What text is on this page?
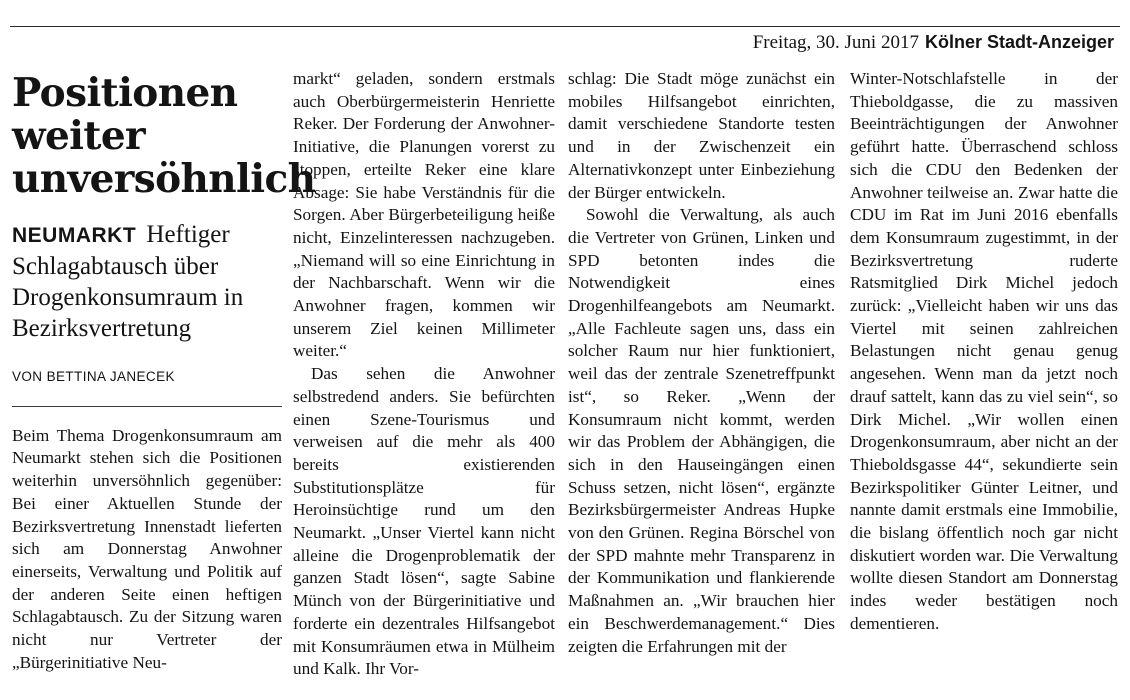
Freitag, 30. Juni 2017 Kölner Stadt-Anzeiger
Positionen weiter unversöhnlich
NEUMARKT Heftiger Schlagabtausch über Drogenkonsumraum in Bezirksvertretung
VON BETTINA JANECEK

Beim Thema Drogenkonsumraum am Neumarkt stehen sich die Positionen weiterhin unversöhnlich gegenüber: Bei einer Aktuellen Stunde der Bezirksvertretung Innenstadt lieferten sich am Donnerstag Anwohner einerseits, Verwaltung und Politik auf der anderen Seite einen heftigen Schlagabtausch. Zu der Sitzung waren nicht nur Vertreter der „Bürgerinitiative Neu-

markt“ geladen, sondern erstmals auch Oberbürgermeisterin Henriette Reker. Der Forderung der Anwohner-Initiative, die Planungen vorerst zu stoppen, erteilte Reker eine klare Absage: Sie habe Verständnis für die Sorgen. Aber Bürgerbeteiligung heiße nicht, Einzelinteressen nachzugeben. „Niemand will so eine Einrichtung in der Nachbarschaft. Wenn wir die Anwohner fragen, kommen wir unserem Ziel keinen Millimeter weiter.“

Das sehen die Anwohner selbstredend anders. Sie befürchten einen Szene-Tourismus und verweisen auf die mehr als 400 bereits existierenden Substitutionsplätze für Heroinsüchtige rund um den Neumarkt. „Unser Viertel kann nicht alleine die Drogenproblematik der ganzen Stadt lösen“, sagte Sabine Münch von der Bürgerinitiative und forderte ein dezentrales Hilfsangebot mit Konsumräumen etwa in Mülheim und Kalk. Ihr Vor-

schlag: Die Stadt möge zunächst ein mobiles Hilfsangebot einrichten, damit verschiedene Standorte testen und in der Zwischenzeit ein Alternativkonzept unter Einbeziehung der Bürger entwickeln.

Sowohl die Verwaltung, als auch die Vertreter von Grünen, Linken und SPD betonten indes die Notwendigkeit eines Drogenhilfeangebots am Neumarkt. „Alle Fachleute sagen uns, dass ein solcher Raum nur hier funktioniert, weil das der zentrale Szenetreffpunkt ist“, so Reker. „Wenn der Konsumraum nicht kommt, werden wir das Problem der Abhängigen, die sich in den Hauseingängen einen Schuss setzen, nicht lösen“, ergänzte Bezirksbürgermeister Andreas Hupke von den Grünen. Regina Börschel von der SPD mahnte mehr Transparenz in der Kommunikation und flankierende Maßnahmen an. „Wir brauchen hier ein Beschwerdemanagement.“ Dies zeigten die Erfahrungen mit der

Winter-Notschlafstelle in der Thieboldgasse, die zu massiven Beeinträchtigungen der Anwohner geführt hatte. Überraschend schloss sich die CDU den Bedenken der Anwohner teilweise an. Zwar hatte die CDU im Rat im Juni 2016 ebenfalls dem Konsumraum zugestimmt, in der Bezirksvertretung ruderte Ratsmitglied Dirk Michel jedoch zurück: „Vielleicht haben wir uns das Viertel mit seinen zahlreichen Belastungen nicht genau genug angesehen. Wenn man da jetzt noch drauf sattelt, kann das zu viel sein“, so Dirk Michel. „Wir wollen einen Drogenkonsumraum, aber nicht an der Thieboldsgasse 44“, sekundierte sein Bezirkspolitiker Günter Leitner, und nannte damit erstmals eine Immobilie, die bislang öffentlich noch gar nicht diskutiert worden war. Die Verwaltung wollte diesen Standort am Donnerstag indes weder bestätigen noch dementieren.
